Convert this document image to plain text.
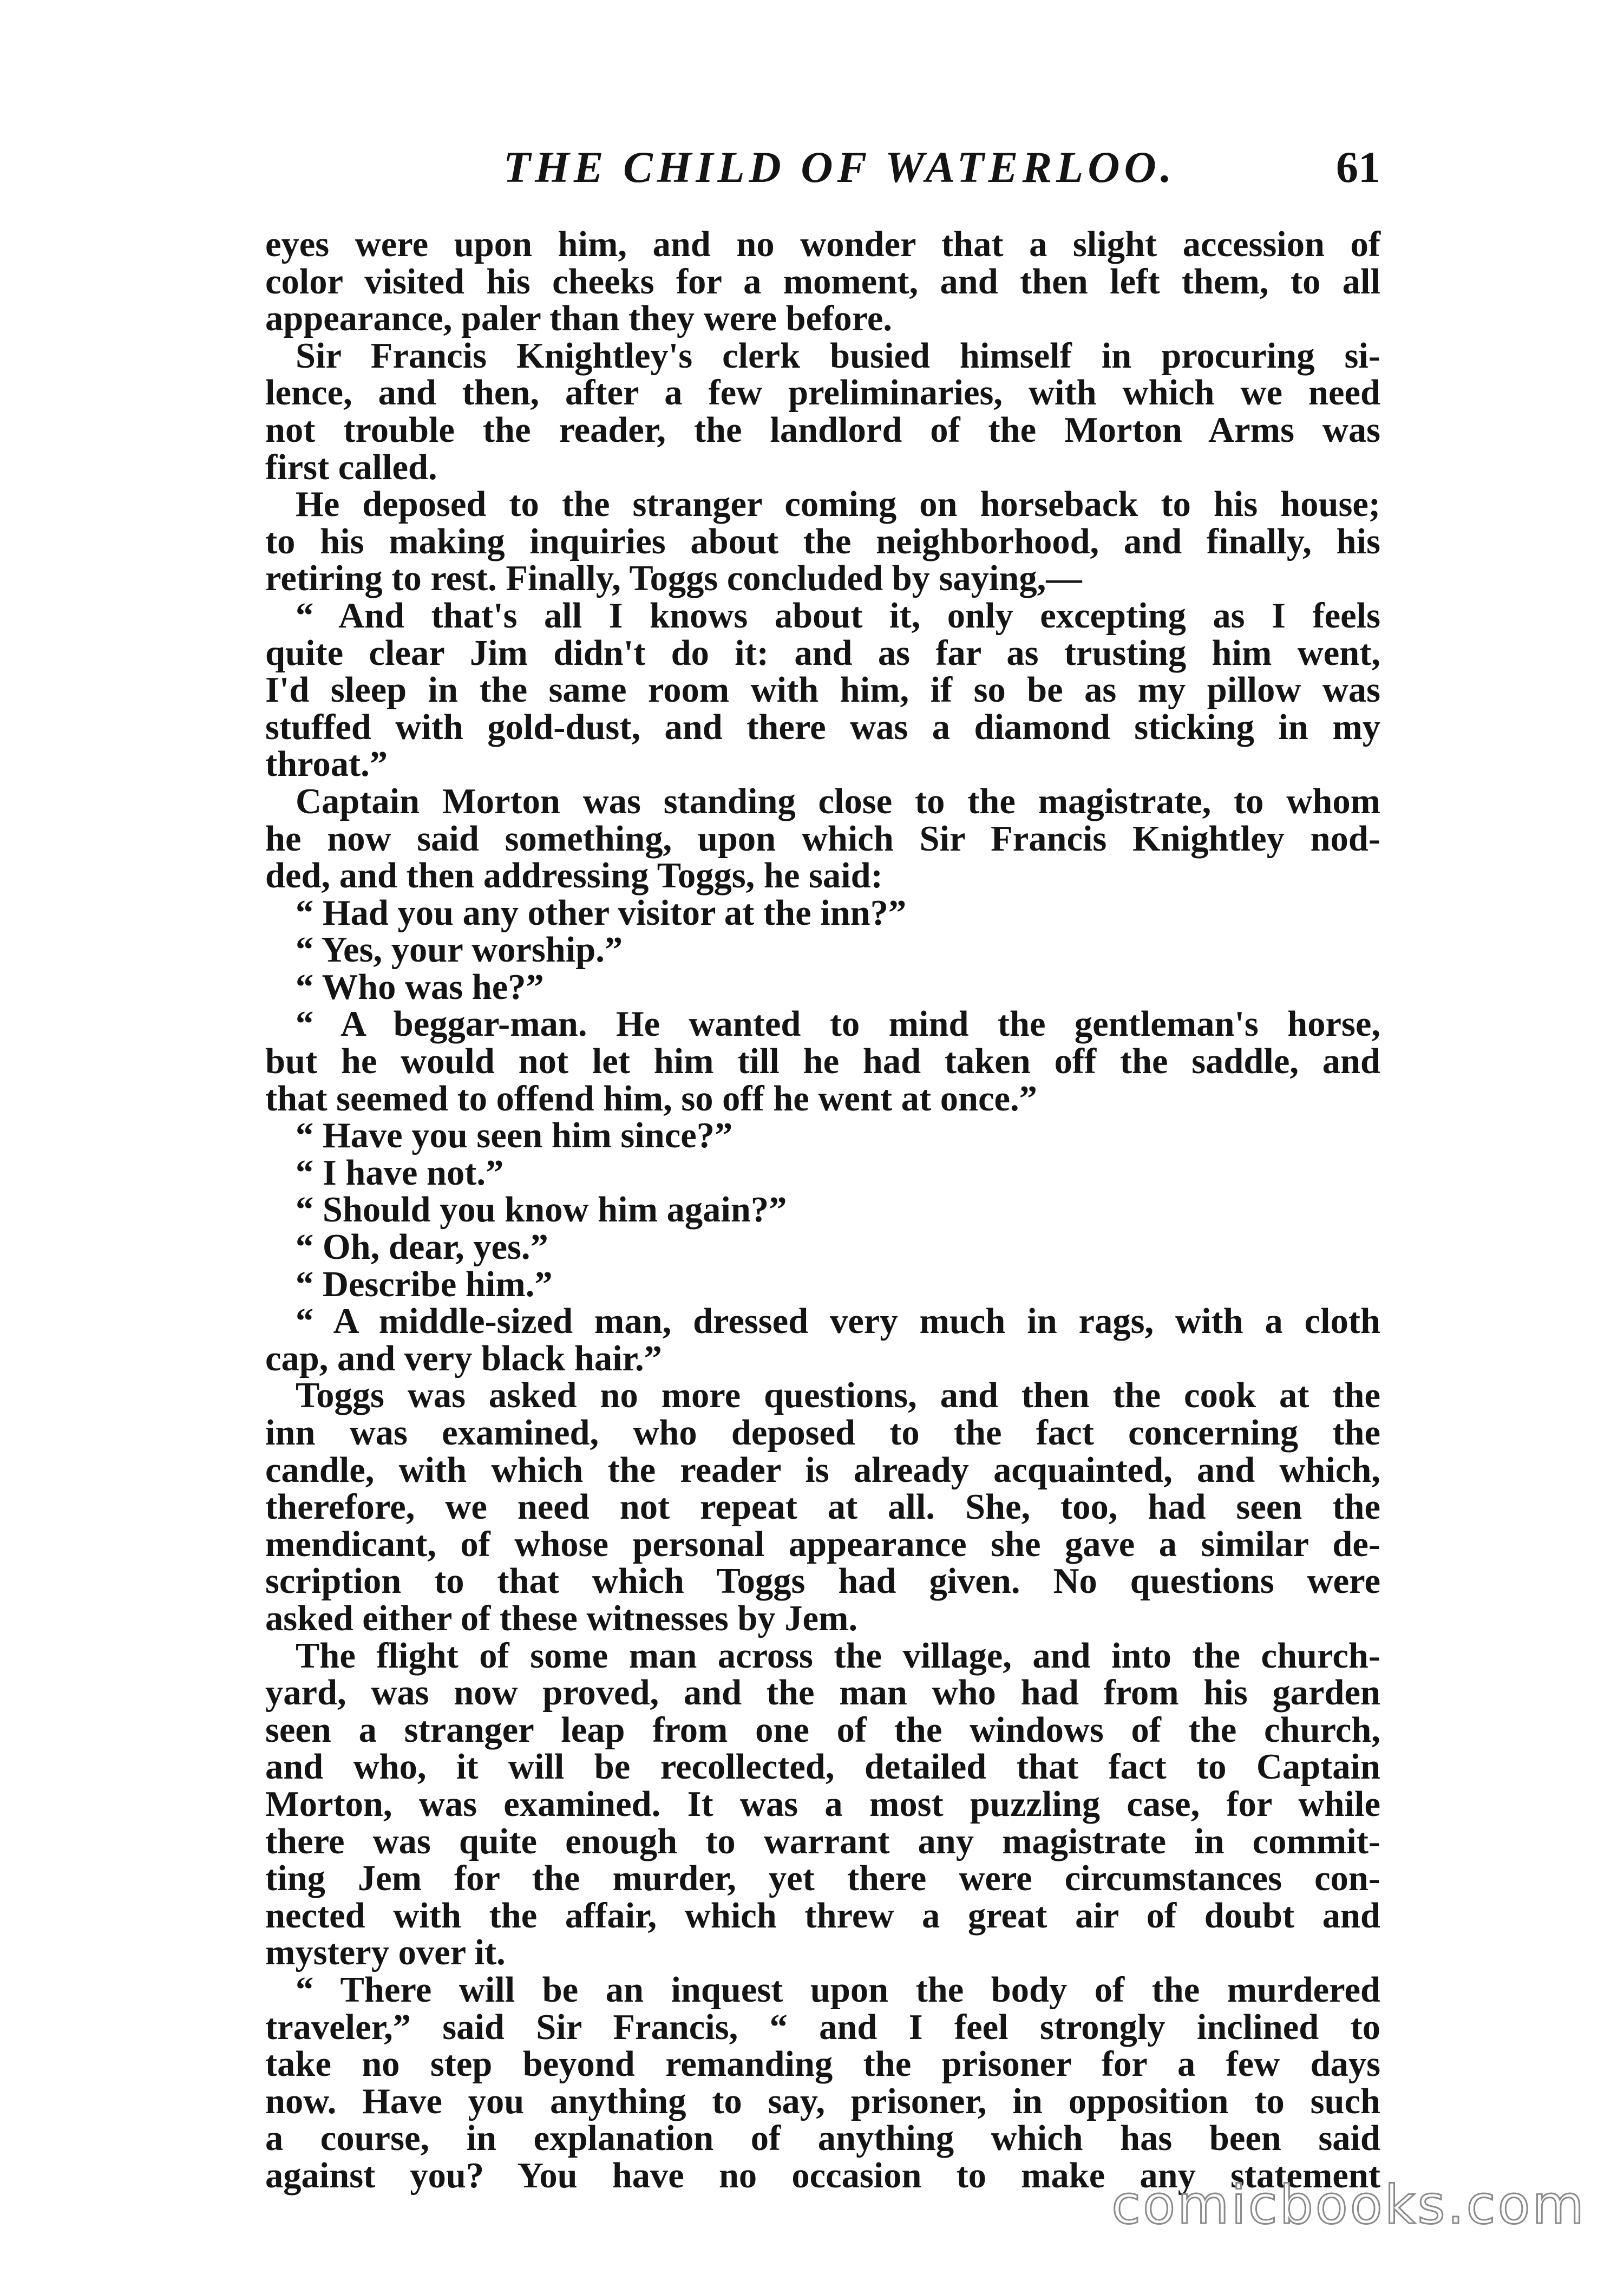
THE CHILD OF WATERLOO.	61
eyes were upon him, and no wonder that a slight accession of
color visited his cheeks for a moment, and then left them, to all
appearance, paler than they were before.
Sir Francis Knightley's clerk busied himself in procuring si-
lence, and then, after a few preliminaries, with which we need
not trouble the reader, the landlord of the Morton Arms was
first called.
He deposed to the stranger coming on horseback to his house;
to his making inquiries about the neighborhood, and finally, his
retiring to rest. Finally, Toggs concluded by saying,—
“ And that's all I knows about it, only excepting as I feels
quite clear Jim didn't do it: and as far as trusting him went,
I'd sleep in the same room with him, if so be as my pillow was
stuffed with gold-dust, and there was a diamond sticking in my
throat.”
Captain Morton was standing close to the magistrate, to whom
he now said something, upon which Sir Francis Knightley nod-
ded, and then addressing Toggs, he said:
“ Had you any other visitor at the inn?”
“ Yes, your worship.”
“ Who was he?”
“ A beggar-man. He wanted to mind the gentleman's horse,
but he would not let him till he had taken off the saddle, and
that seemed to offend him, so off he went at once.”
“ Have you seen him since?”
“ I have not.”
“ Should you know him again?”
“ Oh, dear, yes.”
“ Describe him.”
“ A middle-sized man, dressed very much in rags, with a cloth
cap, and very black hair.”
Toggs was asked no more questions, and then the cook at the
inn was examined, who deposed to the fact concerning the
candle, with which the reader is already acquainted, and which,
therefore, we need not repeat at all. She, too, had seen the
mendicant, of whose personal appearance she gave a similar de-
scription to that which Toggs had given. No questions were
asked either of these witnesses by Jem.
The flight of some man across the village, and into the church-
yard, was now proved, and the man who had from his garden
seen a stranger leap from one of the windows of the church,
and who, it will be recollected, detailed that fact to Captain
Morton, was examined. It was a most puzzling case, for while
there was quite enough to warrant any magistrate in commit-
ting Jem for the murder, yet there were circumstances con-
nected with the affair, which threw a great air of doubt and
mystery over it.
“ There will be an inquest upon the body of the murdered
traveler,” said Sir Francis, “ and I feel strongly inclined to
take no step beyond remanding the prisoner for a few days
now. Have you anything to say, prisoner, in opposition to such
a course, in explanation of anything which has been said
against you? You have no occasion to make any statement
comicbooks.com
